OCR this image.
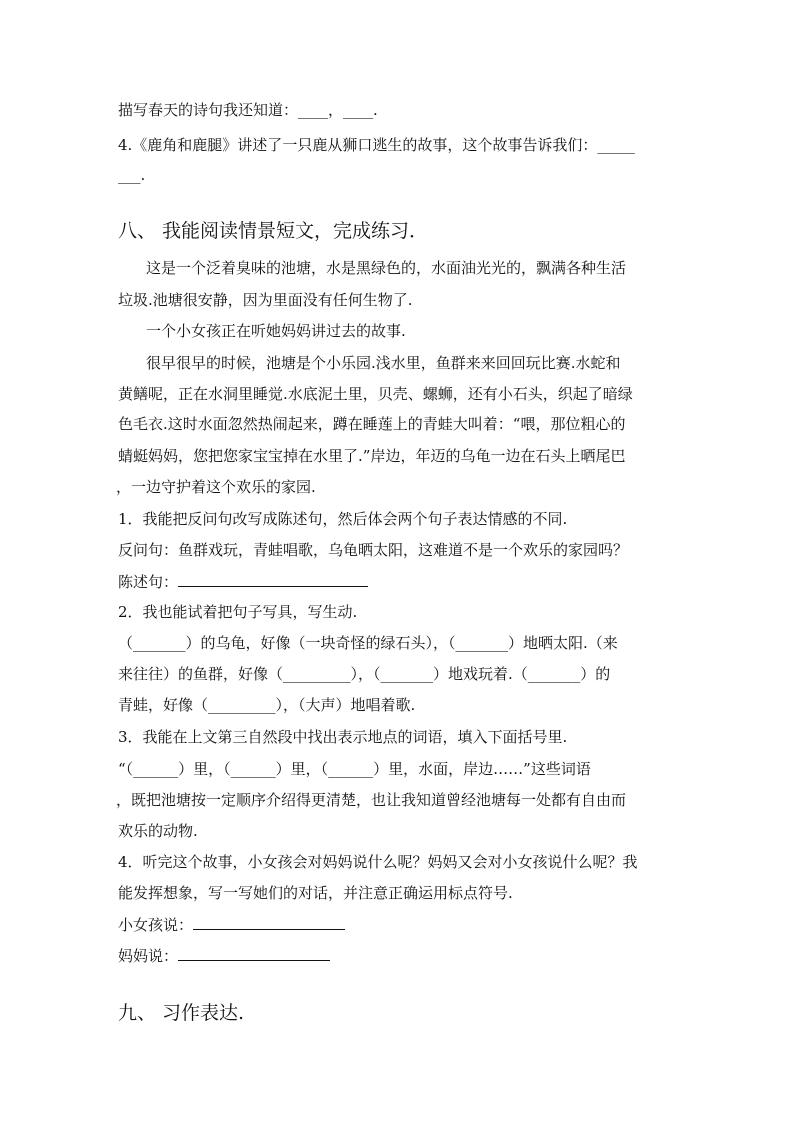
描写春天的诗句我还知道：____，____.
4.《鹿角和鹿腿》讲述了一只鹿从狮口逃生的故事，这个故事告诉我们：_____
___.
八、 我能阅读情景短文，完成练习．
这是一个泛着臭味的池塘，水是黑绿色的，水面油光光的，飘满各种生活
垃圾.池塘很安静，因为里面没有任何生物了.
一个小女孩正在听她妈妈讲过去的故事.
很早很早的时候，池塘是个小乐园.浅水里，鱼群来来回回玩比赛.水蛇和
黄鳝呢，正在水洞里睡觉.水底泥土里，贝壳、螺蛳，还有小石头，织起了暗绿
色毛衣.这时水面忽然热闹起来，蹲在睡莲上的青蛙大叫着：“喂，那位粗心的
蜻蜓妈妈，您把您家宝宝掉在水里了.”岸边，年迈的乌龟一边在石头上晒尾巴
，一边守护着这个欢乐的家园.
1．我能把反问句改写成陈述句，然后体会两个句子表达情感的不同.
反问句：鱼群戏玩，青蛙唱歌，乌龟晒太阳，这难道不是一个欢乐的家园吗？
陈述句：
2．我也能试着把句子写具，写生动.
（_______）的乌龟，好像（一块奇怪的绿石头），（_______）地晒太阳.（来
来往往）的鱼群，好像（_________），（_______）地戏玩着.（_______）的
青蛙，好像（_________），（大声）地唱着歌.
3．我能在上文第三自然段中找出表示地点的词语，填入下面括号里.
“（______）里，（______）里，（______）里，水面，岸边……”这些词语
，既把池塘按一定顺序介绍得更清楚，也让我知道曾经池塘每一处都有自由而
欢乐的动物.
4．听完这个故事，小女孩会对妈妈说什么呢？妈妈又会对小女孩说什么呢？我
能发挥想象，写一写她们的对话，并注意正确运用标点符号.
小女孩说：
妈妈说：
九、 习作表达.
